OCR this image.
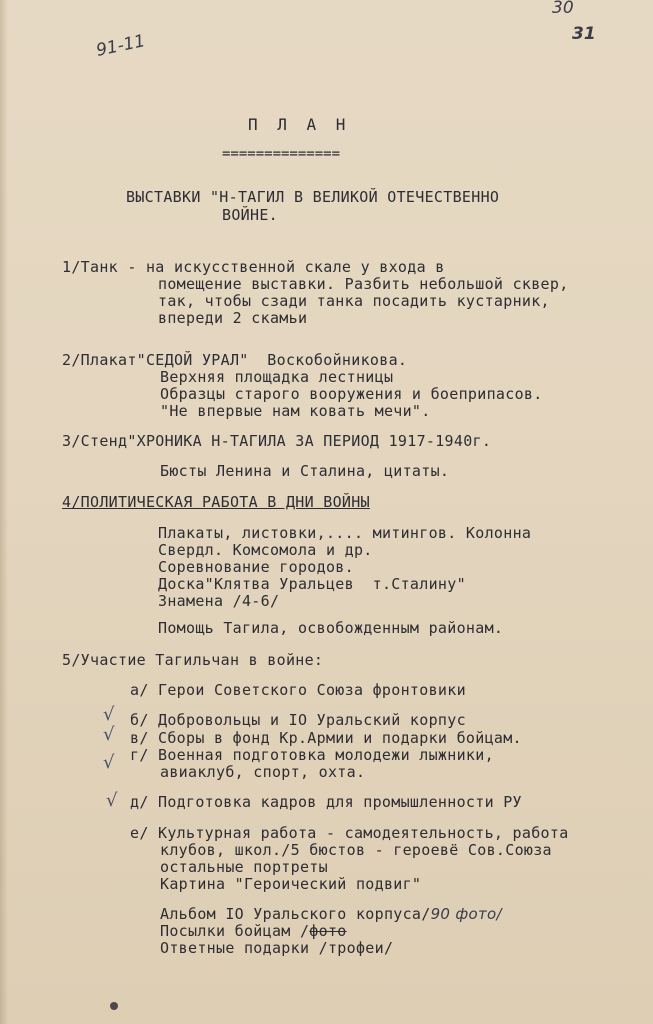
91-11
30
31
П Л А Н
==============
ВЫСТАВКИ "Н-ТАГИЛ В ВЕЛИКОЙ ОТЕЧЕСТВЕННО
ВОЙНЕ.
1/Танк - на искусственной скале у входа в
помещение выставки. Разбить небольшой сквер,
так, чтобы сзади танка посадить кустарник,
впереди 2 скамьи
2/Плакат"СЕДОЙ УРАЛ"  Воскобойникова.
Верхняя площадка лестницы
Образцы старого вооружения и боеприпасов.
"Не впервые нам ковать мечи".
3/Стенд"ХРОНИКА Н-ТАГИЛА ЗА ПЕРИОД 1917-1940г.
Бюсты Ленина и Сталина, цитаты.
4/ПОЛИТИЧЕСКАЯ РАБОТА В ДНИ ВОЙНЫ
Плакаты, листовки,.... митингов. Колонна
Свердл. Комсомола и др.
Соревнование городов.
Доска"Клятва Уральцев  т.Сталину"
Знамена /4-6/
Помощь Тагила, освобожденным районам.
5/Участие Тагильчан в войне:
а/ Герои Советского Союза фронтовики
√ б/ Добровольцы и IO Уральский корпус
√ в/ Сборы в фонд Кр.Армии и подарки бойцам.
√ г/ Военная подготовка молодежи лыжники,
авиаклуб, спорт, охта.
√ д/ Подготовка кадров для промышленности РУ
е/ Культурная работа - самодеятельность, работа
клубов, школ./5 бюстов - героевё Сов.Союза
остальные портреты
Картина "Героический подвиг"
Альбом IO Уральского корпуса/90 фото/
Посылки бойцам /фото
Ответные подарки /трофеи/
